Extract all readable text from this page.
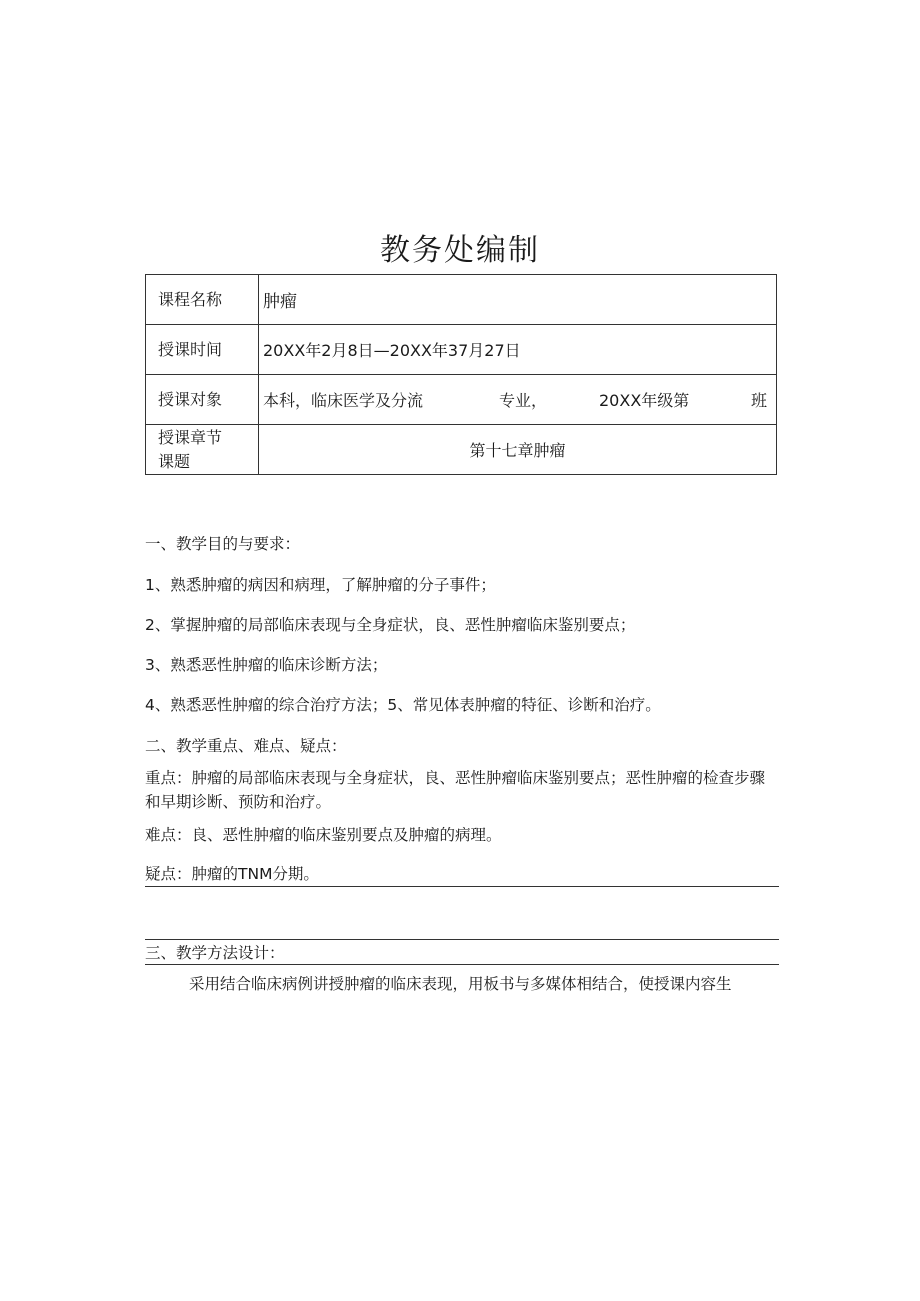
教务处编制
课程名称	肿瘤
授课时间	20XX年2月8日—20XX年37月27日
授课对象	本科，临床医学及分流 专业， 20XX年级第 班

授课章节
课题	第十七章肿瘤
一、教学目的与要求：
1、熟悉肿瘤的病因和病理，了解肿瘤的分子事件；
2、掌握肿瘤的局部临床表现与全身症状，良、恶性肿瘤临床鉴别要点；
3、熟悉恶性肿瘤的临床诊断方法；
4、熟悉恶性肿瘤的综合治疗方法；5、常见体表肿瘤的特征、诊断和治疗。
二、教学重点、难点、疑点：
重点：肿瘤的局部临床表现与全身症状，良、恶性肿瘤临床鉴别要点；恶性肿瘤的检查步骤和早期诊断、预防和治疗。
难点：良、恶性肿瘤的临床鉴别要点及肿瘤的病理。
疑点：肿瘤的TNM分期。
三、教学方法设计：
采用结合临床病例讲授肿瘤的临床表现，用板书与多媒体相结合，使授课内容生
